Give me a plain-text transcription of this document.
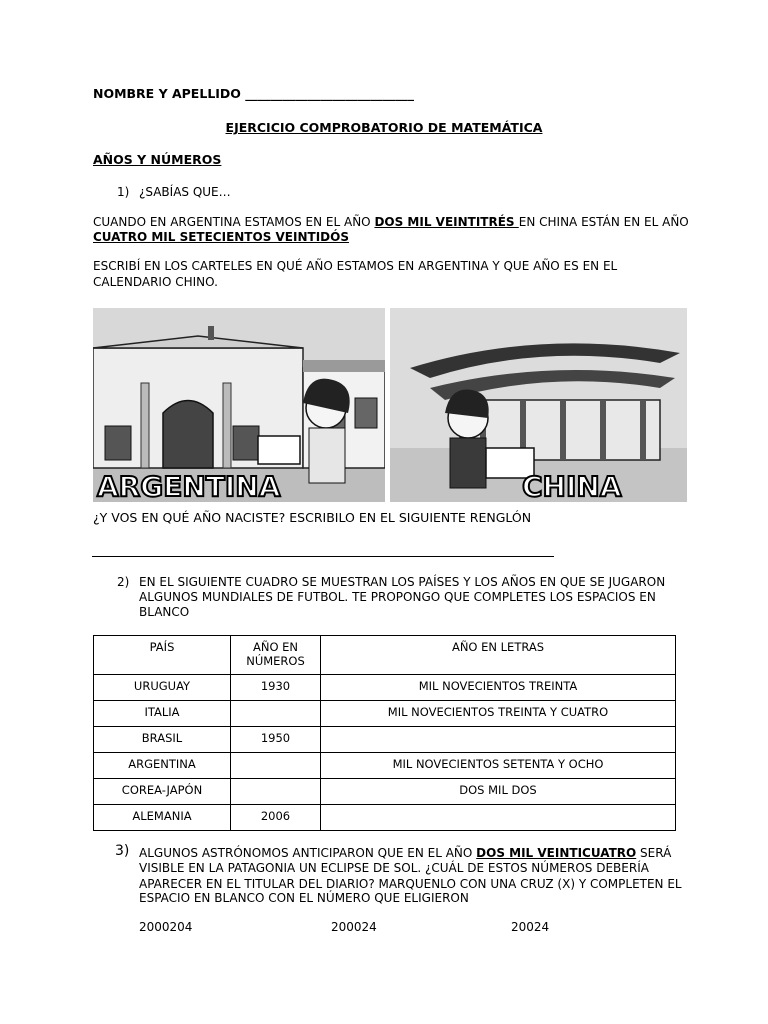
NOMBRE Y APELLIDO ___________________________
EJERCICIO COMPROBATORIO DE MATEMÁTICA
AÑOS Y NÚMEROS
1) ¿SABÍAS QUE…
CUANDO EN ARGENTINA ESTAMOS EN EL AÑO DOS MIL VEINTITRÉS EN CHINA ESTÁN EN EL AÑO
CUATRO MIL SETECIENTOS VEINTIDÓS
ESCRIBÍ EN LOS CARTELES EN QUÉ AÑO ESTAMOS EN ARGENTINA Y QUE AÑO ES EN EL
CALENDARIO CHINO.
ARGENTINA	CHINA
¿Y VOS EN QUÉ AÑO NACISTE? ESCRIBILO EN EL SIGUIENTE RENGLÓN
2) EN EL SIGUIENTE CUADRO SE MUESTRAN LOS PAÍSES Y LOS AÑOS EN QUE SE JUGARON
ALGUNOS MUNDIALES DE FUTBOL. TE PROPONGO QUE COMPLETES LOS ESPACIOS EN
BLANCO
PAÍS	AÑO EN NÚMEROS	AÑO EN LETRAS
URUGUAY	1930	MIL NOVECIENTOS TREINTA
ITALIA		MIL NOVECIENTOS TREINTA Y CUATRO
BRASIL	1950	
ARGENTINA		MIL NOVECIENTOS SETENTA Y OCHO
COREA-JAPÓN		DOS MIL DOS
ALEMANIA	2006	
3) ALGUNOS ASTRÓNOMOS ANTICIPARON QUE EN EL AÑO DOS MIL VEINTICUATRO SERÁ
VISIBLE EN LA PATAGONIA UN ECLIPSE DE SOL. ¿CUÁL DE ESTOS NÚMEROS DEBERÍA
APARECER EN EL TITULAR DEL DIARIO? MARQUENLO CON UNA CRUZ (X) Y COMPLETEN EL
ESPACIO EN BLANCO CON EL NÚMERO QUE ELIGIERON
2000204	200024	20024
